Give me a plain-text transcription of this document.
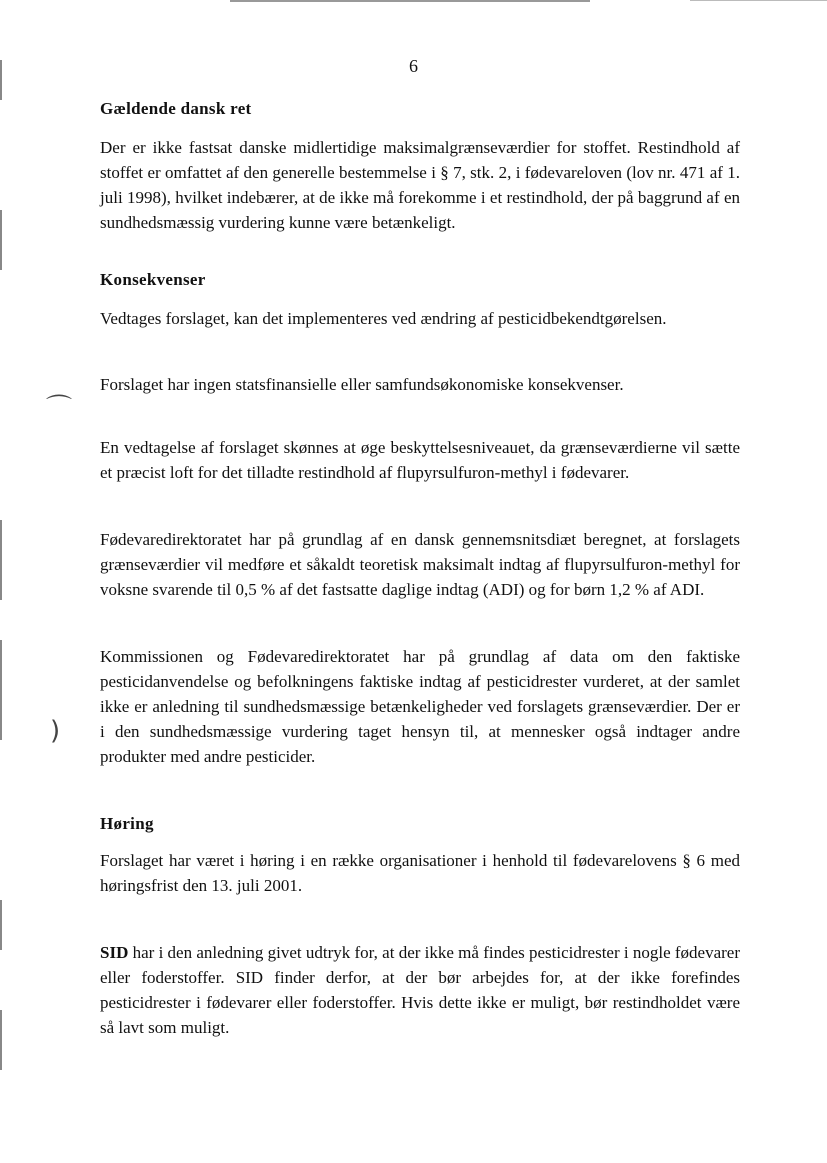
⌒
)
6

Gældende dansk ret

Der er ikke fastsat danske midlertidige maksimalgrænseværdier for stoffet. Restindhold af stoffet er omfattet af den generelle bestemmelse i § 7, stk. 2, i fødevareloven (lov nr. 471 af 1. juli 1998), hvilket indebærer, at de ikke må forekomme i et restindhold, der på baggrund af en sundhedsmæssig vurdering kunne være betænkeligt.

Konsekvenser

Vedtages forslaget, kan det implementeres ved ændring af pesticidbekendtgørelsen.

Forslaget har ingen statsfinansielle eller samfundsøkonomiske konsekvenser.

En vedtagelse af forslaget skønnes at øge beskyttelsesniveauet, da grænseværdierne vil sætte et præcist loft for det tilladte restindhold af flupyrsulfuron-methyl i fødevarer.

Fødevaredirektoratet har på grundlag af en dansk gennemsnitsdiæt beregnet, at forslagets grænseværdier vil medføre et såkaldt teoretisk maksimalt indtag af flupyrsulfuron-methyl for voksne svarende til 0,5 % af det fastsatte daglige indtag (ADI) og for børn 1,2 % af ADI.

Kommissionen og Fødevaredirektoratet har på grundlag af data om den faktiske pesticidanvendelse og befolkningens faktiske indtag af pesticidrester vurderet, at der samlet ikke er anledning til sundhedsmæssige betænkeligheder ved forslagets grænseværdier. Der er i den sundhedsmæssige vurdering taget hensyn til, at mennesker også indtager andre produkter med andre pesticider.

Høring

Forslaget har været i høring i en række organisationer i henhold til fødevarelovens § 6 med høringsfrist den 13. juli 2001.

SID har i den anledning givet udtryk for, at der ikke må findes pesticidrester i nogle fødevarer eller foderstoffer. SID finder derfor, at der bør arbejdes for, at der ikke forefindes pesticidrester i fødevarer eller foderstoffer. Hvis dette ikke er muligt, bør restindholdet være så lavt som muligt.
